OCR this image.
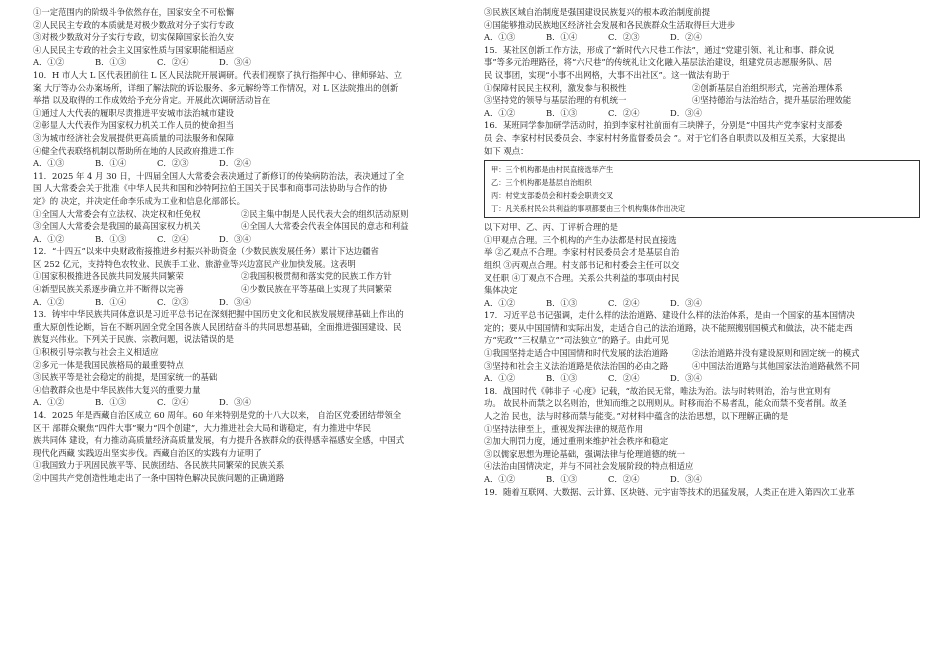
①一定范围内的阶级斗争依然存在，国家安全不可松懈
②人民民主专政的本质就是对极少数敌对分子实行专政
③对极少数敌对分子实行专政，切实保障国家长治久安
④人民民主专政的社会主义国家性质与国家职能相适应
A．①②	B．①③	C．②④	D．③④
10．H 市人大 L 区代表团前往 L 区人民法院开展调研。代表们视察了执行指挥中心、律师驿站、立
案 大厅等办公办案场所，详细了解法院的诉讼服务、多元解纷等工作情况，对 L 区法院推出的创新
举措 以及取得的工作成效给予充分肯定。开展此次调研活动旨在
①通过人大代表的履职尽责推进平安城市法治城市建设
②彰显人大代表作为国家权力机关工作人员的使命担当
③为城市经济社会发展提供更高质量的司法服务和保障
④健全代表联络机制以帮助所在地的人民政府推进工作
A．①③	B．①④	C．②③	D．②④
11．2025 年 4 月 30 日，十四届全国人大常委会表决通过了新修订的传染病防治法，表决通过了全
国 人大常委会关于批准《中华人民共和国和沙特阿拉伯王国关于民事和商事司法协助与合作的协
定》的 决定，并决定任命李乐成为工业和信息化部部长。
①全国人大常委会有立法权、决定权和任免权	②民主集中制是人民代表大会的组织活动原则
③全国人大常委会是我国的最高国家权力机关	④全国人大常委会代表全体国民的意志和利益
A．①②	B．①③	C．②④	D．③④
12．“十四五”以来中央财政衔接推进乡村振兴补助资金（少数民族发展任务）累计下达边疆省
区 252 亿元，支持特色农牧业、民族手工业、旅游业等兴边富民产业加快发展。这表明
①国家积极推进各民族共同发展共同繁荣	②我国积极贯彻和落实党的民族工作方针
④新型民族关系逐步确立并不断得以完善	④少数民族在平等基础上实现了共同繁荣
A．①②	B．①④	C．②③	D．③④
13．铸牢中华民族共同体意识是习近平总书记在深刻把握中国历史文化和民族发展规律基础上作出的
重大原创性论断，旨在不断巩固全党全国各族人民团结奋斗的共同思想基础，全面推进强国建设、民
族复兴伟业。下列关于民族、宗教问题，说法错误的是
①积极引导宗教与社会主义相适应
②多元一体是我国民族格局的最重要特点
③民族平等是社会稳定的前提，是国家统一的基础
④信教群众也是中华民族伟大复兴的重要力量
A．①②	B．①③	C．②④	D．③④
14．2025 年是西藏自治区成立 60 周年。60 年来特别是党的十八大以来， 自治区党委团结带领全
区干 部群众聚焦“四件大事”聚力“四个创建”，大力推进社会大局和谐稳定，有力推进中华民
族共同体 建设，有力推动高质量经济高质量发展，有力提升各族群众的获得感幸福感安全感，中国式
现代化西藏 实践迈出坚实步伐。西藏自治区的实践有力证明了
①我国致力于巩固民族平等、民族团结、各民族共同繁荣的民族关系
②中国共产党创造性地走出了一条中国特色解决民族问题的正确道路
③民族区域自治制度是强国建设民族复兴的根本政治制度前提
④国能够推动民族地区经济社会发展和各民族群众生活取得巨大进步
A．①③	B．①④	C．②③	D．②④
15．某社区创新工作方法，形成了“新时代六尺巷工作法”，通过“党建引领、礼让和事、群众说
事”等多元治理路径，将“六尺巷”的传统礼让文化融入基层法治建设，组建党员志愿服务队、居
民 议事团，实现“小事不出网格，大事不出社区”。这一做法有助于
①保障村民民主权利，激发参与积极性	②创新基层自治组织形式，完善治理体系
③坚持党的领导与基层治理的有机统一	④坚持德治与法治结合，提升基层治理效能
A．①②	B．①③	C．②④	D．③④
16．某班同学参加研学活动时，拍到李家村社前面有三块牌子，分别是“中国共产党李家村支部委
员 会、李家村村民委员会、李家村村务监督委员会 ”。对于它们各自职责以及相互关系，大家提出
如下 观点：
甲：三个机构都是由村民直接选举产生
乙：三个机构都是基层自治组织
丙：村党支部委员会和村委会职责交叉
丁：凡关系村民公共利益的事项都要由三个机构集体作出决定
以下对甲、乙、丙、丁评析合理的是
①甲观点合理。三个机构的产生办法都是村民直接选
举 ②乙观点不合理。李家村村民委员会才是基层自治
组织 ③丙观点合理。村支部书记和村委会主任可以交
叉任职 ④丁观点不合理。关系公共利益的事项由村民
集体决定
A．①②	B．①③	C．②④	D．③④
17．习近平总书记强调，走什么样的法治道路、建设什么样的法治体系，是由一个国家的基本国情决
定的；要从中国国情和实际出发，走适合自己的法治道路，决不能照搬别国模式和做法，决不能走西
方“宪政”“三权鼎立”“司法独立”的路子。由此可见
①我国坚持走适合中国国情和时代发展的法治道路	②法治道路并没有建设原则和固定统一的模式
③坚持和社会主义法治道路是依法治国的必由之路	④中国法治道路与其他国家法治道路截然不同
A．①②	B．①③	C．②④	D．③④
18．战国时代《韩非子 ·心度》记载，“故治民无常，唯法为治。法与时转则治，治与世宜则有
功。 故民朴而禁之以名则治，世知而维之以刑则从。时移而治不易者乱，能众而禁不变者削。故圣
人之治 民也，法与时移而禁与能变。”对材料中蕴含的法治思想，以下理解正确的是
①坚持法律至上，重视发挥法律的规范作用
②加大刑罚力度，通过重刑来维护社会秩序和稳定
③以儒家思想为理论基础，强调法律与伦理道德的统一
④法治由国情决定，并与不同社会发展阶段的特点相适应
A．①②	B．①③	C．②④	D．③④
19．随着互联网、大数据、云计算、区块链、元宇宙等技术的迅猛发展，人类正在进入第四次工业革
